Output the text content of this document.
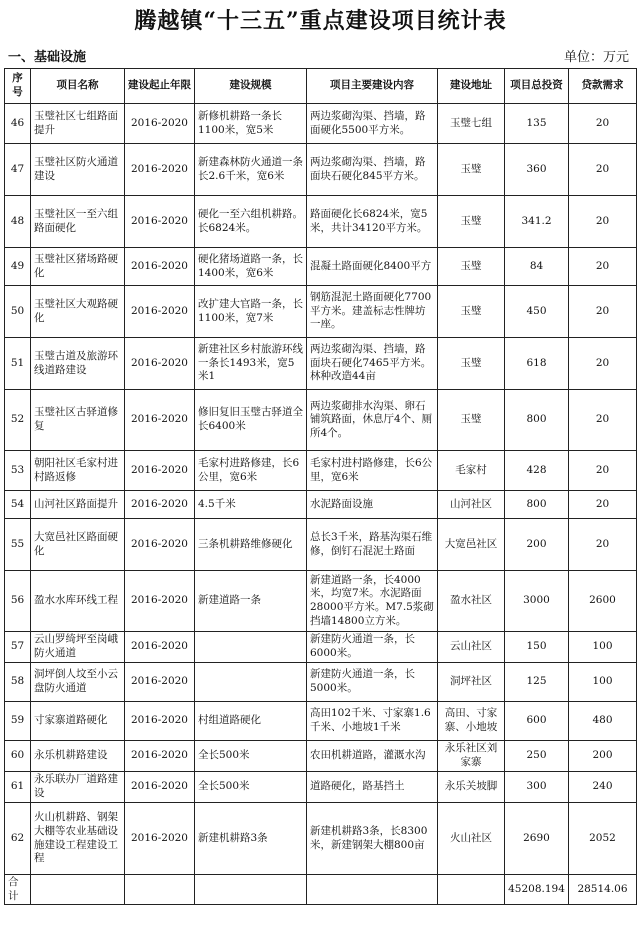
腾越镇“十三五”重点建设项目统计表
一、基础设施	单位：万元
序号	项目名称	建设起止年限	建设规模	项目主要建设内容	建设地址	项目总投资	贷款需求
46	玉璧社区七组路面提升	2016-2020	新修机耕路一条长1100米，宽5米	两边浆砌沟渠、挡墙，路面硬化5500平方米。	玉璧七组	135	20
47	玉璧社区防火通道建设	2016-2020	新建森林防火通道一条长2.6千米，宽6米	两边浆砌沟渠、挡墙，路面块石硬化845平方米。	玉璧	360	20
48	玉璧社区一至六组路面硬化	2016-2020	硬化一至六组机耕路。长6824米。	路面硬化长6824米，宽5米，共计34120平方米。	玉璧	341.2	20
49	玉璧社区猪场路硬化	2016-2020	硬化猪场道路一条，长1400米，宽6米	混凝土路面硬化8400平方	玉璧	84	20
50	玉璧社区大观路硬化	2016-2020	改扩建大官路一条，长1100米，宽7米	钢筋混泥土路面硬化7700平方米。建盖标志性牌坊一座。	玉璧	450	20
51	玉璧古道及旅游环线道路建设	2016-2020	新建社区乡村旅游环线一条长1493米，宽5米1	两边浆砌沟渠、挡墙，路面块石硬化7465平方米。林种改造44亩	玉璧	618	20
52	玉璧社区古驿道修复	2016-2020	修旧复旧玉璧古驿道全长6400米	两边浆砌排水沟渠、卵石铺筑路面，休息厅4个、厕所4个。	玉璧	800	20
53	朝阳社区毛家村进村路返修	2016-2020	毛家村进路修建，长6公里，宽6米	毛家村进村路修建，长6公里，宽6米	毛家村	428	20
54	山河社区路面提升	2016-2020	4.5千米	水泥路面设施	山河社区	800	20
55	大宽邑社区路面硬化	2016-2020	三条机耕路维修硬化	总长3千米，路基沟渠石维修，倒钉石混泥土路面	大宽邑社区	200	20
56	盈水水库环线工程	2016-2020	新建道路一条	新建道路一条，长4000米，均宽7米。水泥路面28000平方米。M7.5浆砌挡墙14800立方米。	盈水社区	3000	2600
57	云山罗绮坪至岗峨防火通道	2016-2020		新建防火通道一条，长6000米。	云山社区	150	100
58	洞坪倒人坟至小云盘防火通道	2016-2020		新建防火通道一条，长5000米。	洞坪社区	125	100
59	寸家寨道路硬化	2016-2020	村组道路硬化	高田102千米、寸家寨1.6千米、小地坡1千米	高田、寸家寨、小地坡	600	480
60	永乐机耕路建设	2016-2020	全长500米	农田机耕道路，灌溉水沟	永乐社区刘家寨	250	200
61	永乐联办厂道路建设	2016-2020	全长500米	道路硬化，路基挡土	永乐关坡脚	300	240
62	火山机耕路、钢架大棚等农业基础设施建设工程建设工程	2016-2020	新建机耕路3条	新建机耕路3条，长8300米，新建钢架大棚800亩	火山社区	2690	2052
合计						45208.194	28514.06
